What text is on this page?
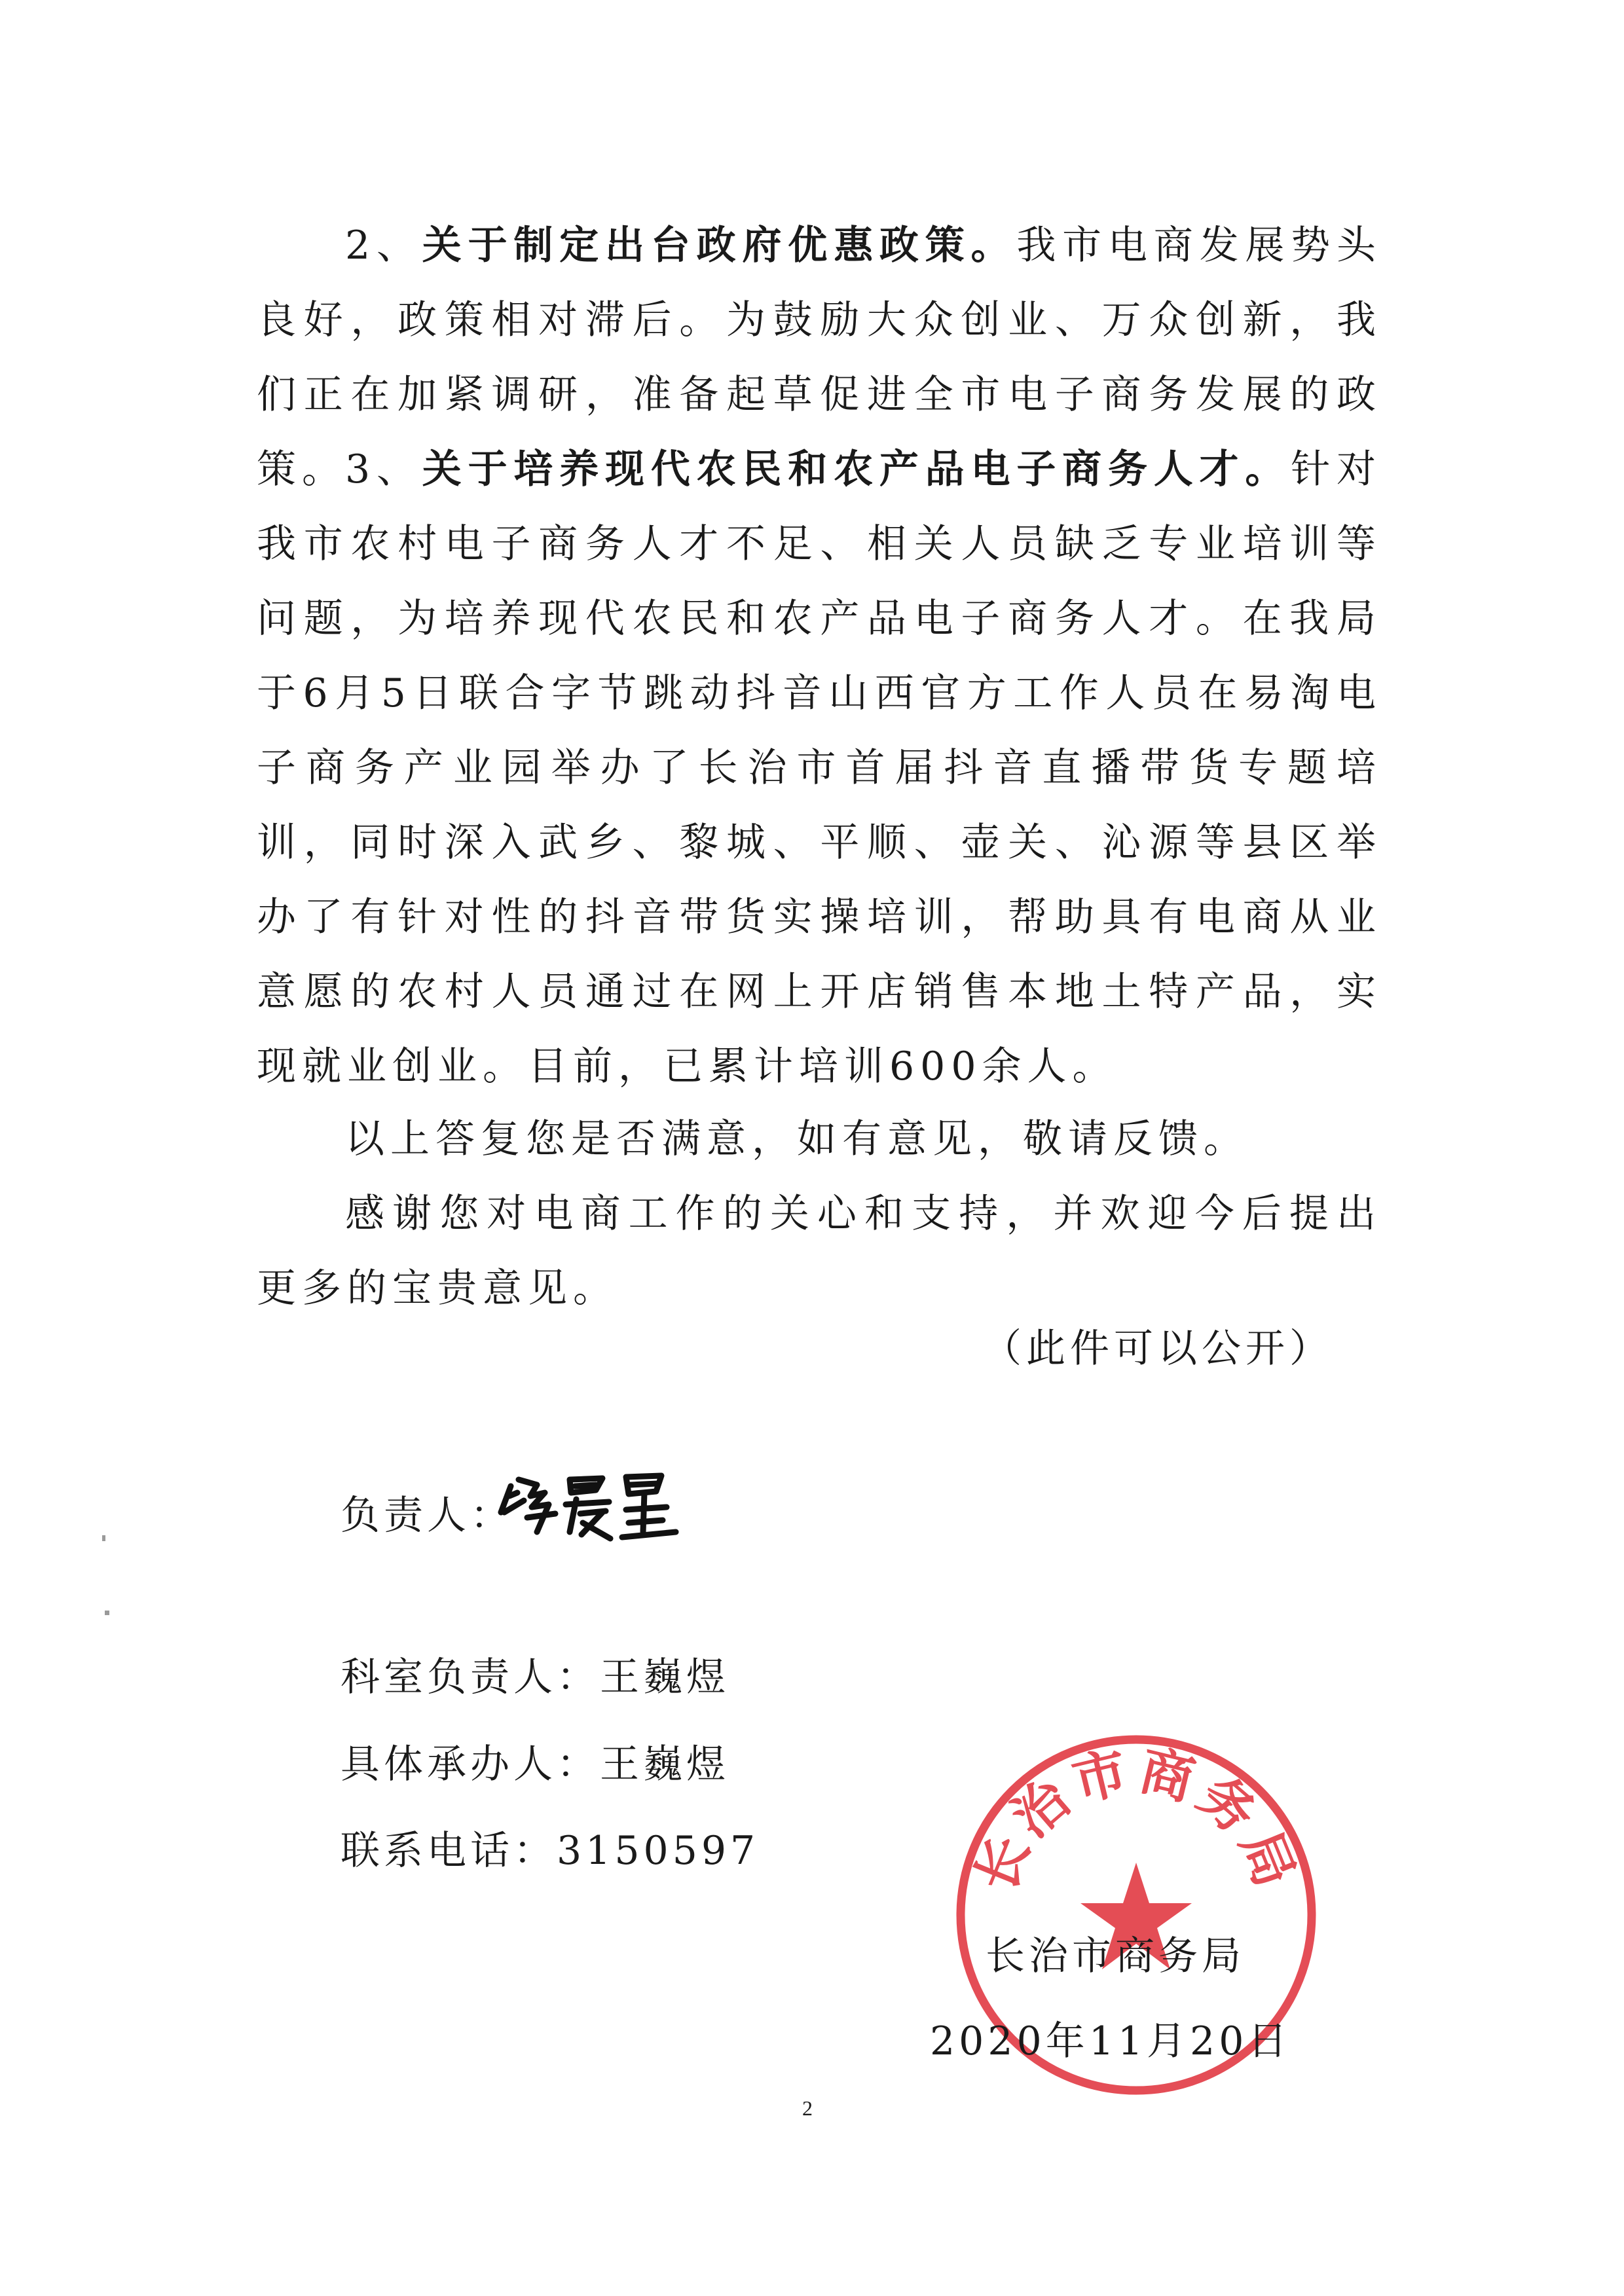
2、关于制定出台政府优惠政策。我市电商发展势头良好，政策相对滞后。为鼓励大众创业、万众创新，我们正在加紧调研，准备起草促进全市电子商务发展的政策。

3、关于培养现代农民和农产品电子商务人才。针对我市农村电子商务人才不足、相关人员缺乏专业培训等问题，为培养现代农民和农产品电子商务人才。在我局于6月5日联合字节跳动抖音山西官方工作人员在易淘电子商务产业园举办了长治市首届抖音直播带货专题培训，同时深入武乡、黎城、平顺、壶关、沁源等县区举办了有针对性的抖音带货实操培训，帮助具有电商从业意愿的农村人员通过在网上开店销售本地土特产品，实现就业创业。目前，已累计培训600余人。

以上答复您是否满意，如有意见，敬请反馈。

感谢您对电商工作的关心和支持，并欢迎今后提出更多的宝贵意见。

（此件可以公开）

负责人：

科室负责人：王巍煜

具体承办人：王巍煜

联系电话：3150597	长治市商务局

长治市商务局

2020年11月20日

2
